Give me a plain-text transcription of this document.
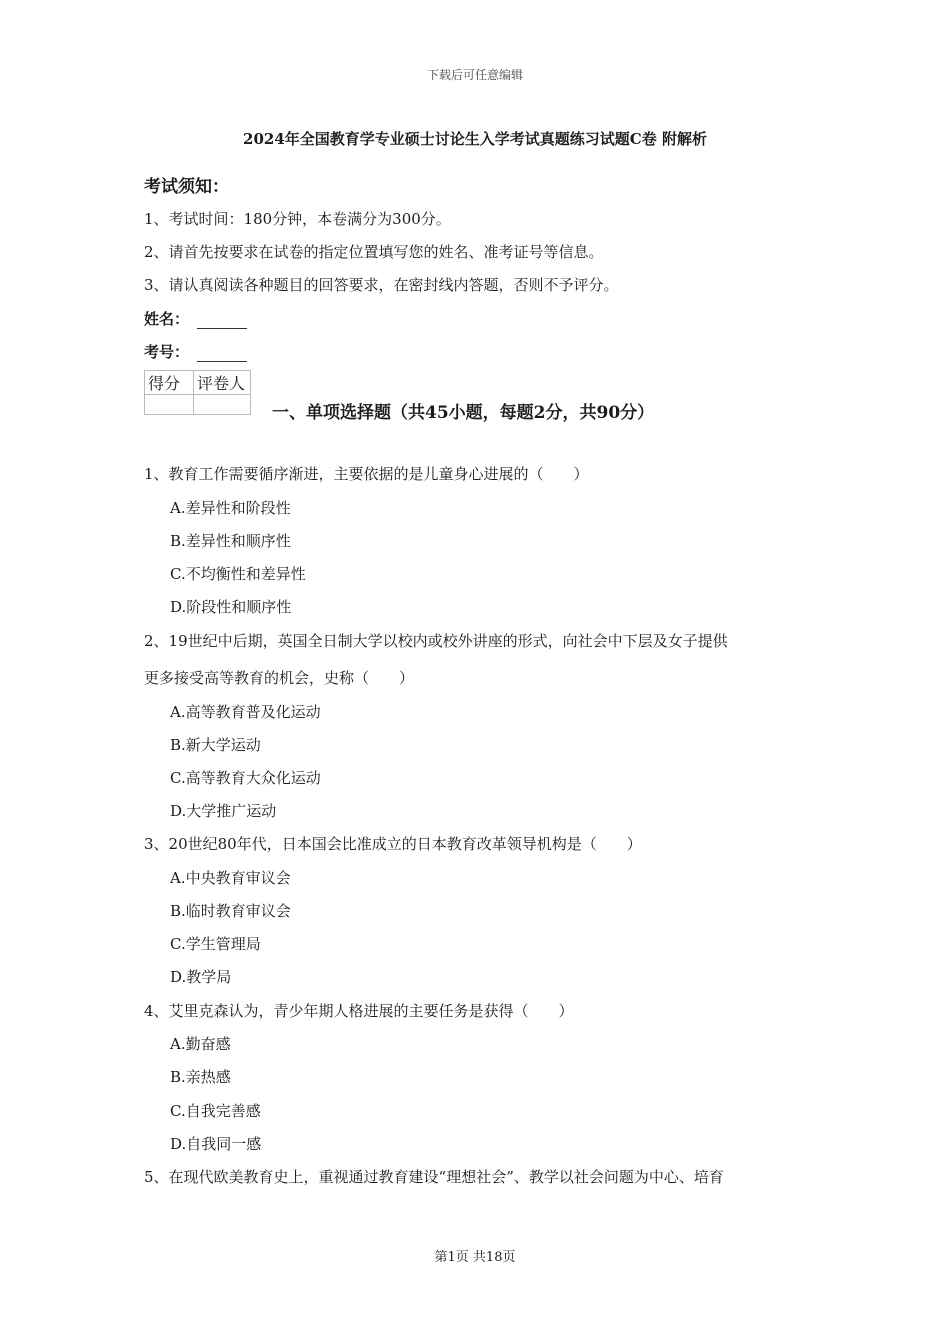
下载后可任意编辑
2024年全国教育学专业硕士讨论生入学考试真题练习试题C卷 附解析
考试须知：
1、考试时间：180分钟，本卷满分为300分。
2、请首先按要求在试卷的指定位置填写您的姓名、准考证号等信息。
3、请认真阅读各种题目的回答要求，在密封线内答题，否则不予评分。
姓名：
考号：
得分	评卷人

一、单项选择题（共45小题，每题2分，共90分）
1、教育工作需要循序渐进，主要依据的是儿童身心进展的（　　）
A.差异性和阶段性
B.差异性和顺序性
C.不均衡性和差异性
D.阶段性和顺序性
2、19世纪中后期，英国全日制大学以校内或校外讲座的形式，向社会中下层及女子提供
更多接受高等教育的机会，史称（　　）
A.高等教育普及化运动
B.新大学运动
C.高等教育大众化运动
D.大学推广运动
3、20世纪80年代，日本国会比准成立的日本教育改革领导机构是（　　）
A.中央教育审议会
B.临时教育审议会
C.学生管理局
D.教学局
4、艾里克森认为，青少年期人格进展的主要任务是获得（　　）
A.勤奋感
B.亲热感
C.自我完善感
D.自我同一感
5、在现代欧美教育史上，重视通过教育建设“理想社会”、教学以社会问题为中心、培育
第1页 共18页
